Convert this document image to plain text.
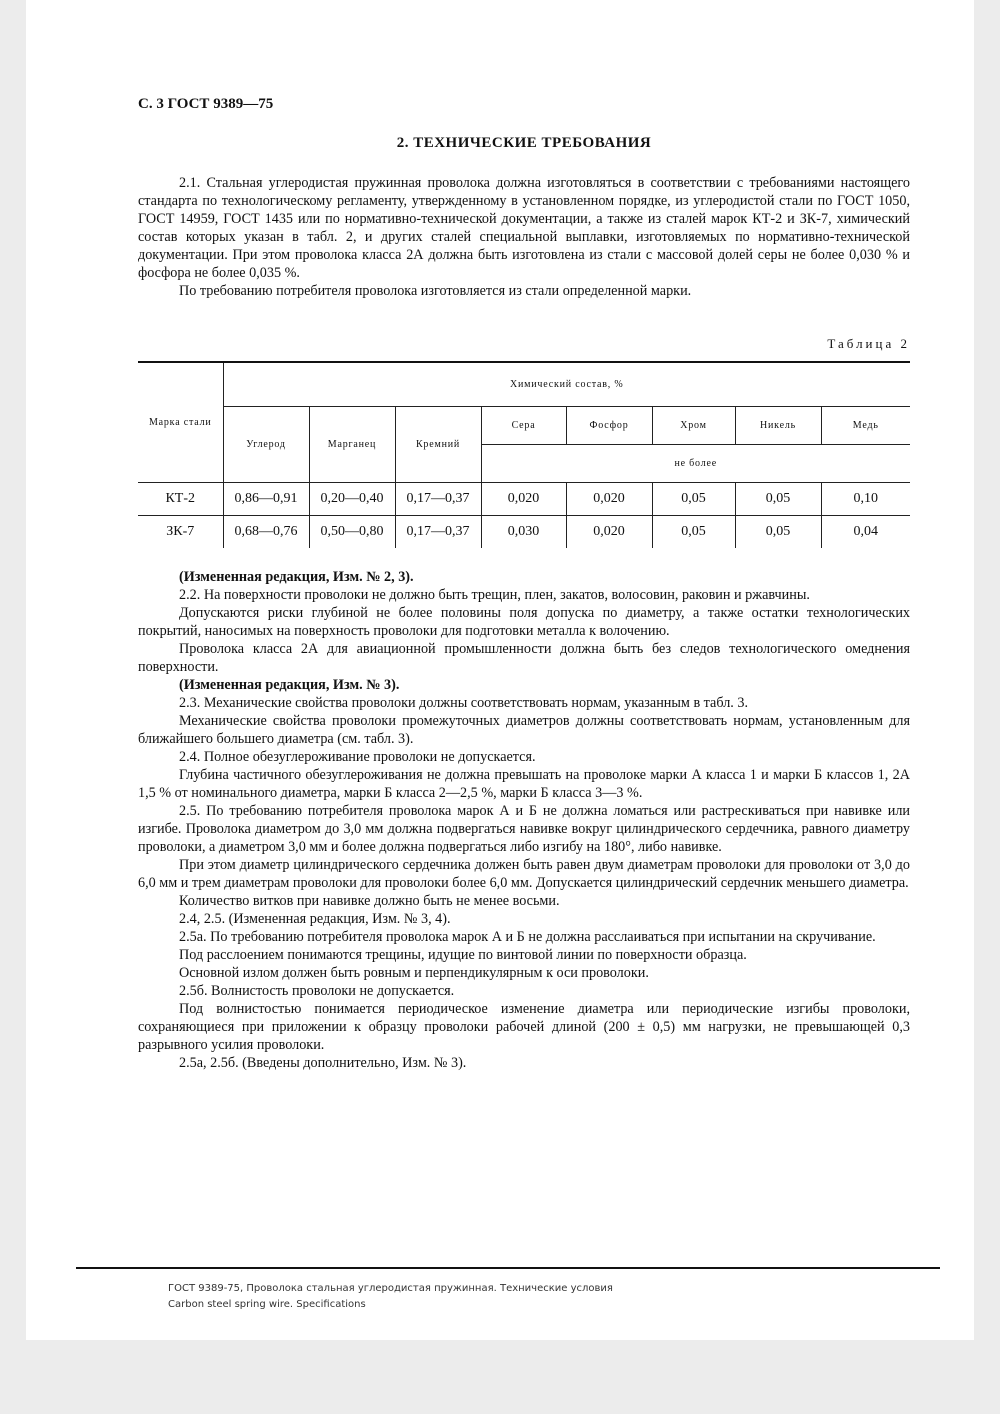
С. 3 ГОСТ 9389—75
2. ТЕХНИЧЕСКИЕ ТРЕБОВАНИЯ

2.1. Стальная углеродистая пружинная проволока должна изготовляться в соответствии с требованиями настоящего стандарта по технологическому регламенту, утвержденному в установленном порядке, из углеродистой стали по ГОСТ 1050, ГОСТ 14959, ГОСТ 1435 или по нормативно-технической документации, а также из сталей марок КТ-2 и ЗК-7, химический состав которых указан в табл. 2, и других сталей специальной выплавки, изготовляемых по нормативно-технической документации. При этом проволока класса 2А должна быть изготовлена из стали с массовой долей серы не более 0,030 % и фосфора не более 0,035 %.

По требованию потребителя проволока изготовляется из стали определенной марки.

Таблица 2
Марка стали	Химический состав, %							
	Углерод	Марганец	Кремний	Сера	Фосфор	Хром	Никель	Медь
				не более				
КТ-2	0,86—0,91	0,20—0,40	0,17—0,37	0,020	0,020	0,05	0,05	0,10
ЗК-7	0,68—0,76	0,50—0,80	0,17—0,37	0,030	0,020	0,05	0,05	0,04

(Измененная редакция, Изм. № 2, 3).

2.2. На поверхности проволоки не должно быть трещин, плен, закатов, волосовин, раковин и ржавчины.

Допускаются риски глубиной не более половины поля допуска по диаметру, а также остатки технологических покрытий, наносимых на поверхность проволоки для подготовки металла к волочению.

Проволока класса 2А для авиационной промышленности должна быть без следов технологического омеднения поверхности.

(Измененная редакция, Изм. № 3).

2.3. Механические свойства проволоки должны соответствовать нормам, указанным в табл. 3.

Механические свойства проволоки промежуточных диаметров должны соответствовать нормам, установленным для ближайшего большего диаметра (см. табл. 3).

2.4. Полное обезуглероживание проволоки не допускается.

Глубина частичного обезуглероживания не должна превышать на проволоке марки А класса 1 и марки Б классов 1, 2А 1,5 % от номинального диаметра, марки Б класса 2—2,5 %, марки Б класса 3—3 %.

2.5. По требованию потребителя проволока марок А и Б не должна ломаться или растрескиваться при навивке или изгибе. Проволока диаметром до 3,0 мм должна подвергаться навивке вокруг цилиндрического сердечника, равного диаметру проволоки, а диаметром 3,0 мм и более должна подвергаться либо изгибу на 180°, либо навивке.

При этом диаметр цилиндрического сердечника должен быть равен двум диаметрам проволоки для проволоки от 3,0 до 6,0 мм и трем диаметрам проволоки для проволоки более 6,0 мм. Допускается цилиндрический сердечник меньшего диаметра.

Количество витков при навивке должно быть не менее восьми.

2.4, 2.5. (Измененная редакция, Изм. № 3, 4).

2.5а. По требованию потребителя проволока марок А и Б не должна расслаиваться при испытании на скручивание.

Под расслоением понимаются трещины, идущие по винтовой линии по поверхности образца.

Основной излом должен быть ровным и перпендикулярным к оси проволоки.

2.5б. Волнистость проволоки не допускается.

Под волнистостью понимается периодическое изменение диаметра или периодические изгибы проволоки, сохраняющиеся при приложении к образцу проволоки рабочей длиной (200 ± 0,5) мм нагрузки, не превышающей 0,3 разрывного усилия проволоки.

2.5а, 2.5б. (Введены дополнительно, Изм. № 3).

ГОСТ 9389-75, Проволока стальная углеродистая пружинная. Технические условия
Carbon steel spring wire. Specifications
